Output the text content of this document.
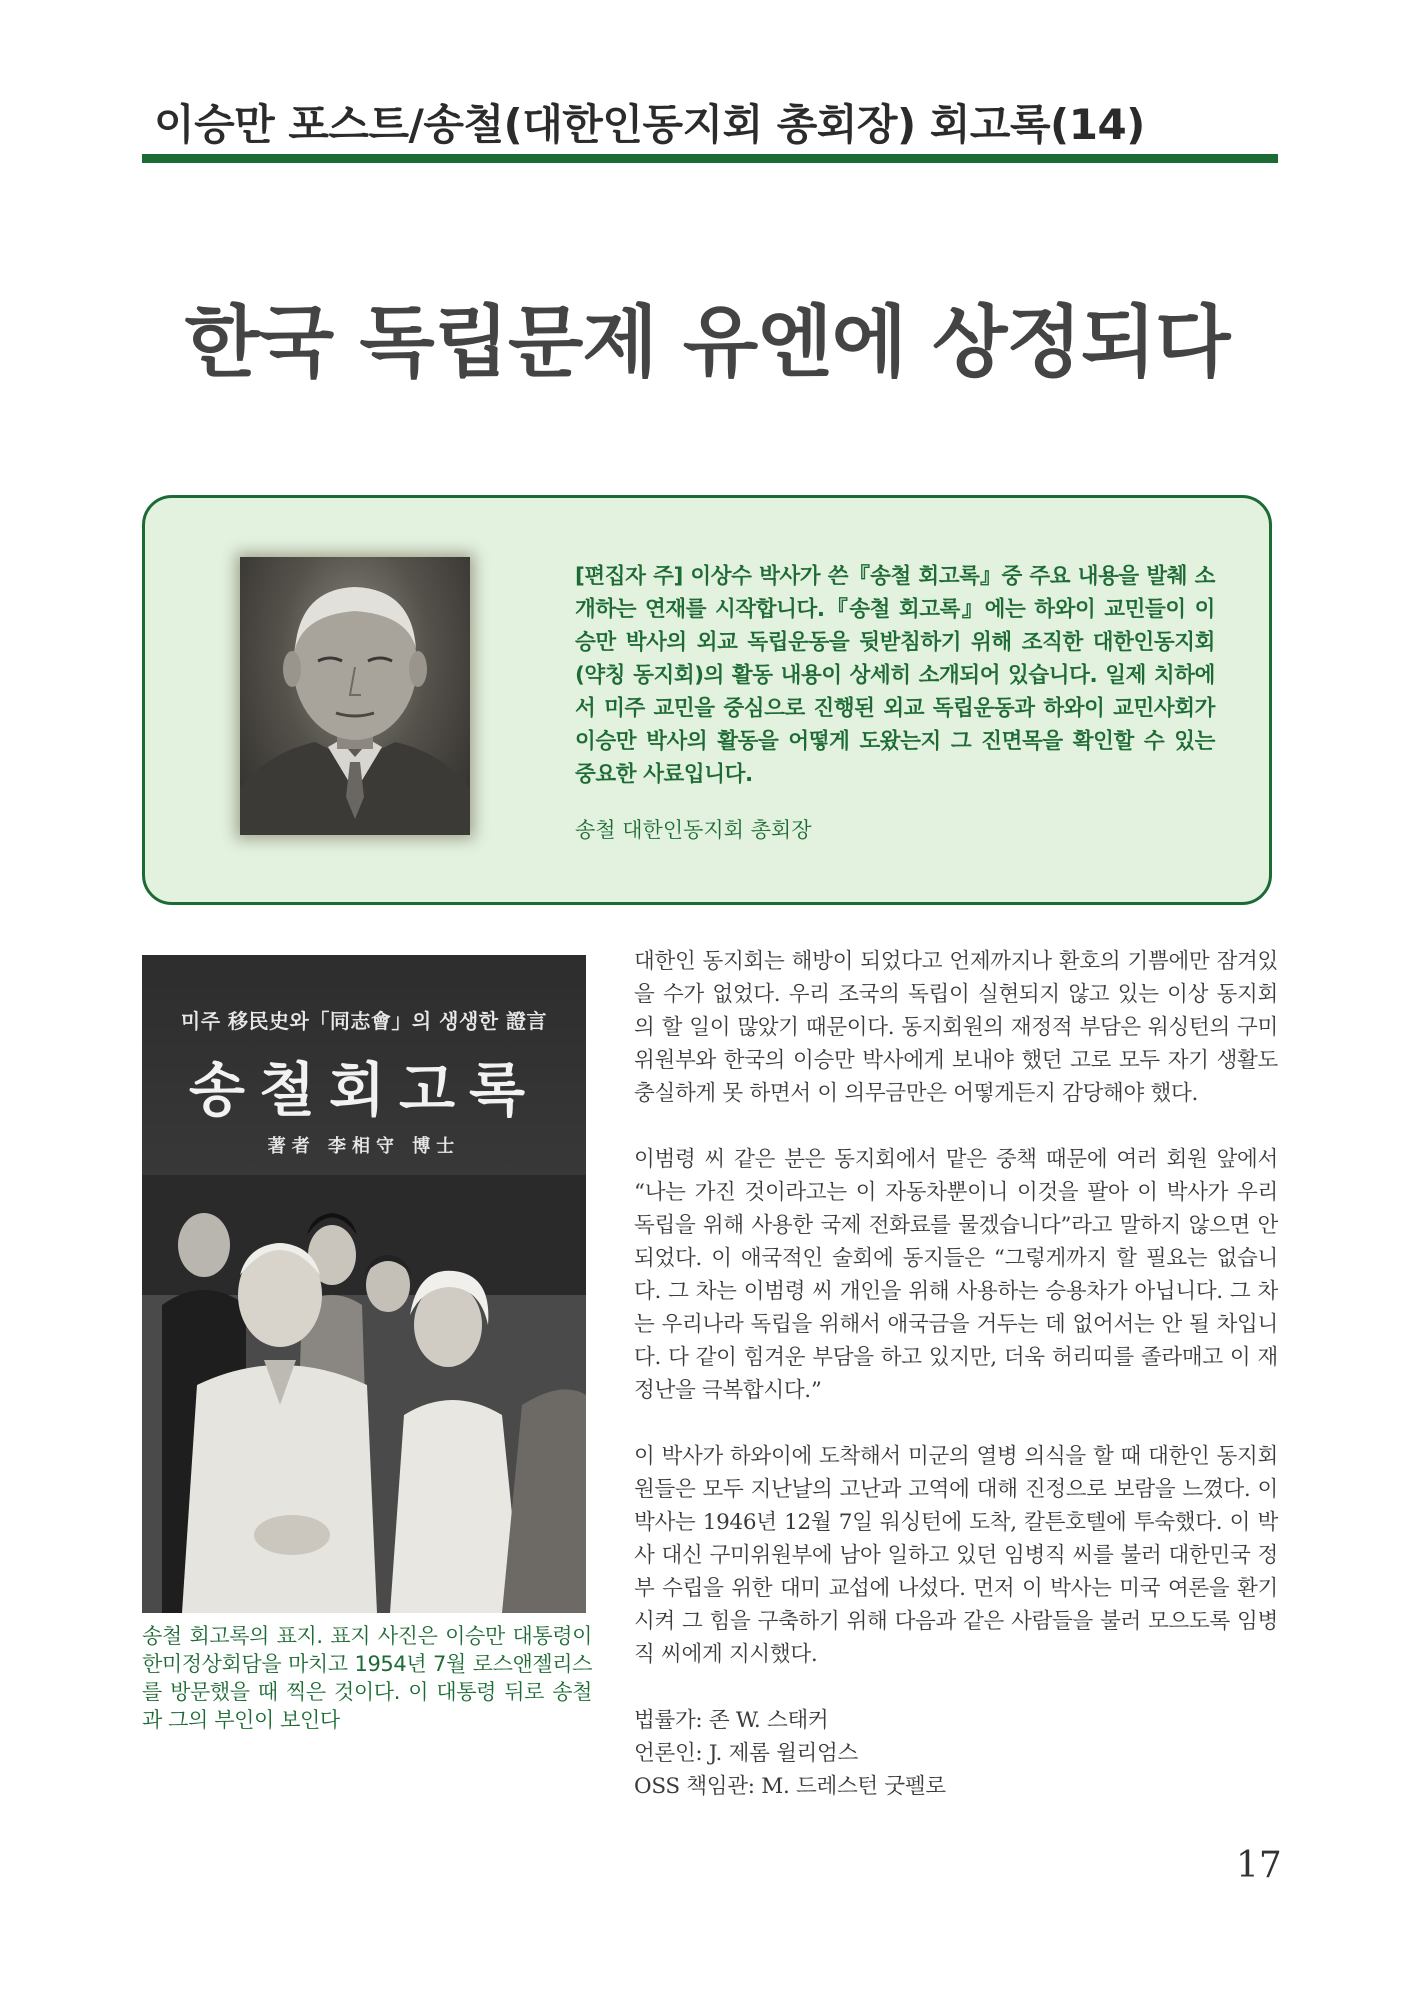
이승만 포스트/송철(대한인동지회 총회장) 회고록(14)
한국 독립문제 유엔에 상정되다
[편집자 주] 이상수 박사가 쓴『송철 회고록』중 주요 내용을 발췌 소개하는 연재를 시작합니다.『송철 회고록』에는 하와이 교민들이 이승만 박사의 외교 독립운동을 뒷받침하기 위해 조직한 대한인동지회(약칭 동지회)의 활동 내용이 상세히 소개되어 있습니다. 일제 치하에서 미주 교민을 중심으로 진행된 외교 독립운동과 하와이 교민사회가 이승만 박사의 활동을 어떻게 도왔는지 그 진면목을 확인할 수 있는 중요한 사료입니다.
송철 대한인동지회 총회장
미주 移民史와「同志會」의 생생한 證言
송철회고록
著者 李相守 博士
송철 회고록의 표지. 표지 사진은 이승만 대통령이 한미정상회담을 마치고 1954년 7월 로스앤젤리스를 방문했을 때 찍은 것이다. 이 대통령 뒤로 송철과 그의 부인이 보인다

대한인 동지회는 해방이 되었다고 언제까지나 환호의 기쁨에만 잠겨있을 수가 없었다. 우리 조국의 독립이 실현되지 않고 있는 이상 동지회의 할 일이 많았기 때문이다. 동지회원의 재정적 부담은 워싱턴의 구미위원부와 한국의 이승만 박사에게 보내야 했던 고로 모두 자기 생활도 충실하게 못 하면서 이 의무금만은 어떻게든지 감당해야 했다.

이범령 씨 같은 분은 동지회에서 맡은 중책 때문에 여러 회원 앞에서 “나는 가진 것이라고는 이 자동차뿐이니 이것을 팔아 이 박사가 우리 독립을 위해 사용한 국제 전화료를 물겠습니다”라고 말하지 않으면 안 되었다. 이 애국적인 술회에 동지들은 “그렇게까지 할 필요는 없습니다. 그 차는 이범령 씨 개인을 위해 사용하는 승용차가 아닙니다. 그 차는 우리나라 독립을 위해서 애국금을 거두는 데 없어서는 안 될 차입니다. 다 같이 힘겨운 부담을 하고 있지만, 더욱 허리띠를 졸라매고 이 재정난을 극복합시다.”

이 박사가 하와이에 도착해서 미군의 열병 의식을 할 때 대한인 동지회원들은 모두 지난날의 고난과 고역에 대해 진정으로 보람을 느꼈다. 이 박사는 1946년 12월 7일 워싱턴에 도착, 칼튼호텔에 투숙했다. 이 박사 대신 구미위원부에 남아 일하고 있던 임병직 씨를 불러 대한민국 정부 수립을 위한 대미 교섭에 나섰다. 먼저 이 박사는 미국 여론을 환기시켜 그 힘을 구축하기 위해 다음과 같은 사람들을 불러 모으도록 임병직 씨에게 지시했다.

법률가: 존 W. 스태커
언론인: J. 제롬 윌리엄스
OSS 책임관: M. 드레스턴 굿펠로
17
